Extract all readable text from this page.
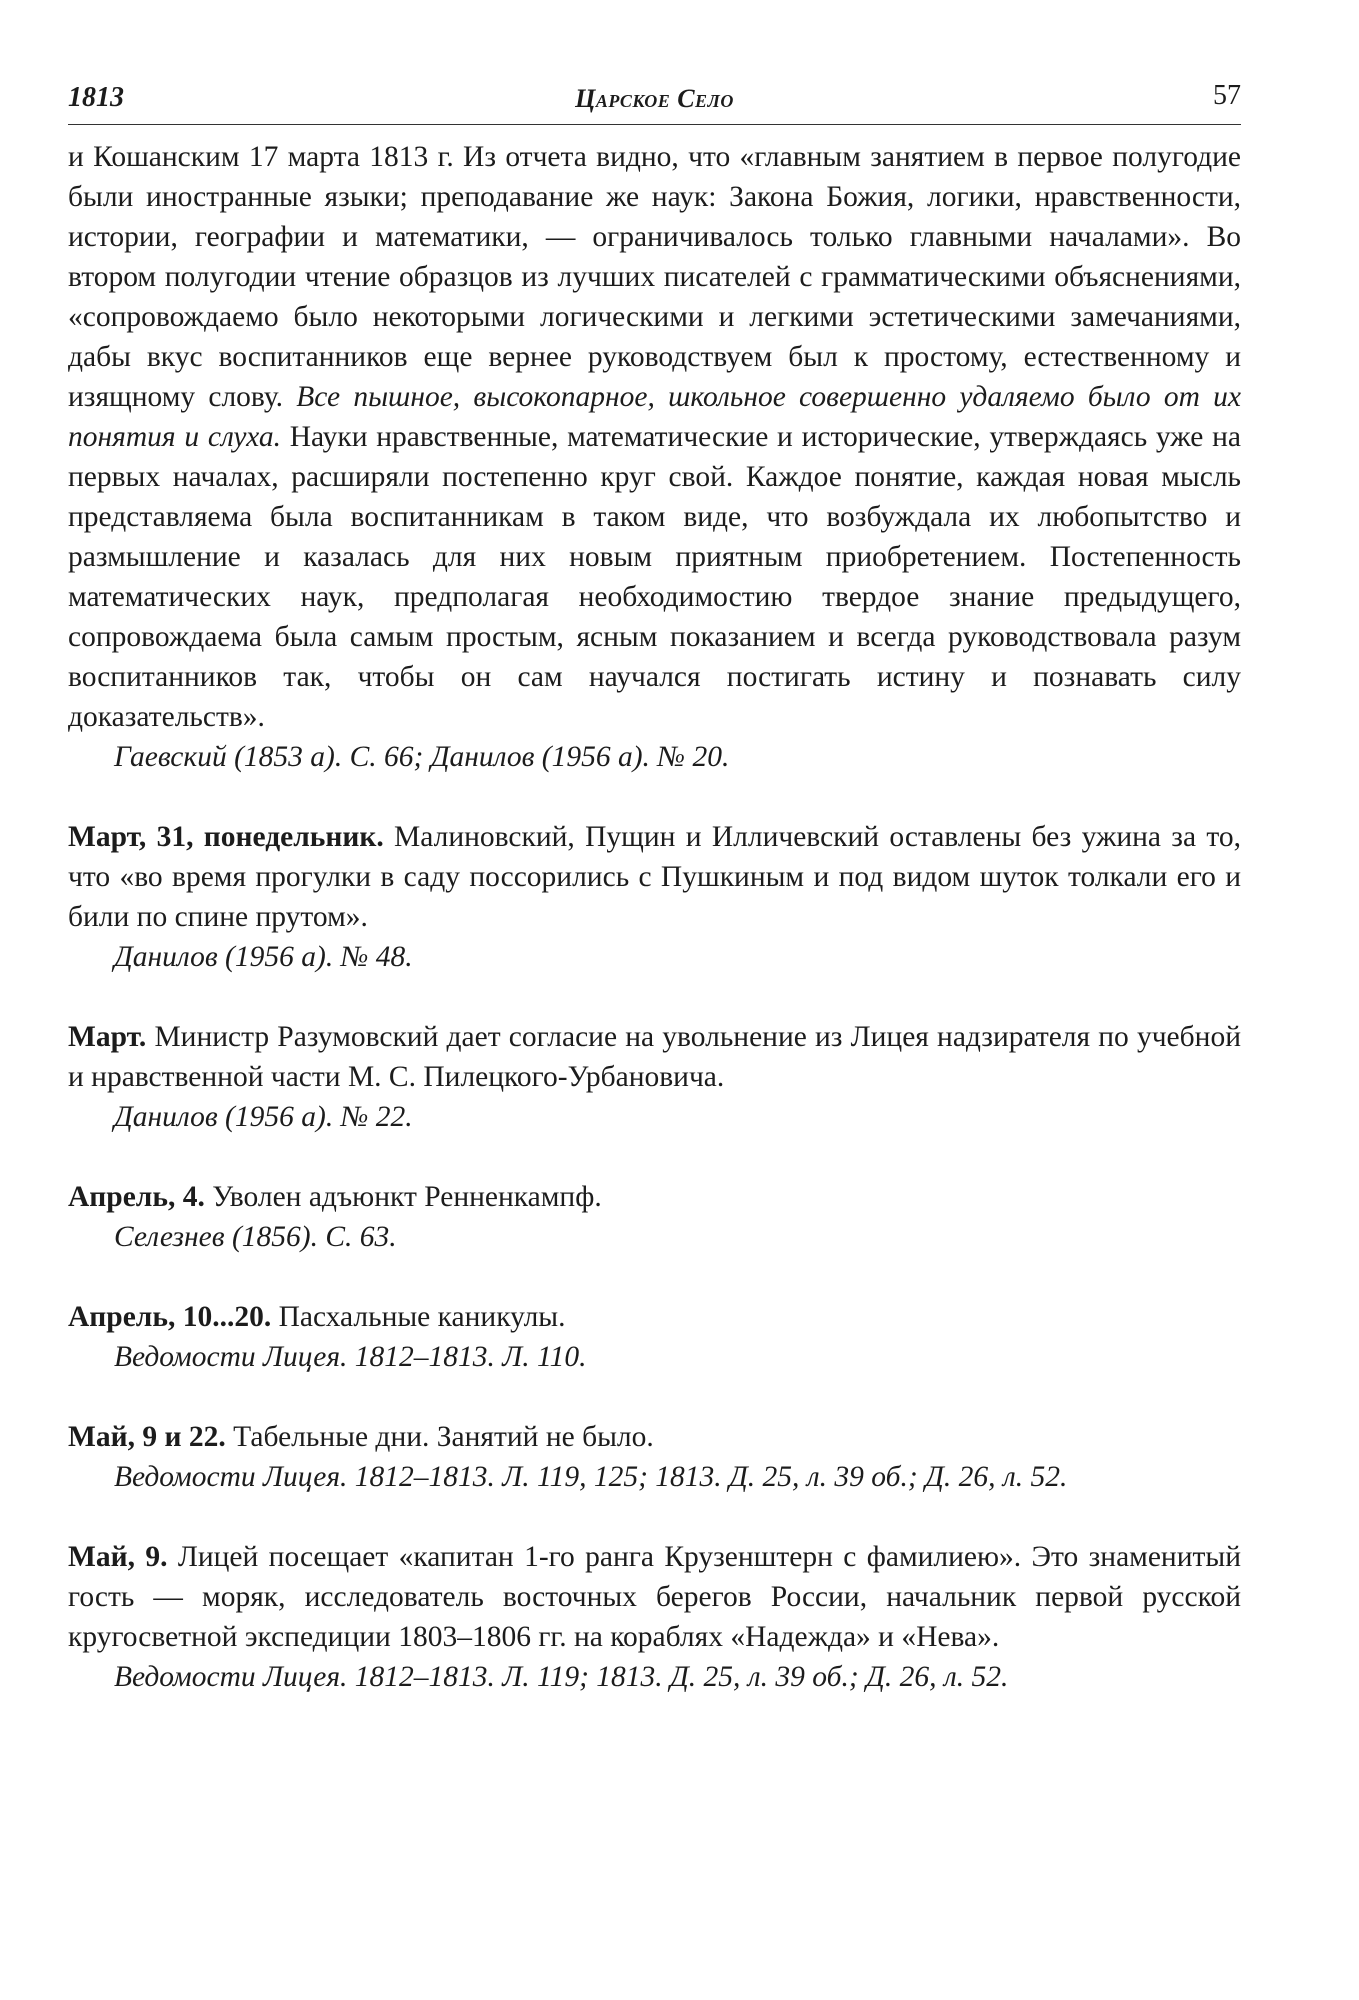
1813	Царское Село	57

и Кошанским 17 марта 1813 г. Из отчета видно, что «главным занятием в первое полугодие были иностранные языки; преподавание же наук: Закона Божия, логики, нравственности, истории, географии и математики, — ограничивалось только главными началами». Во втором полугодии чтение образцов из лучших писателей с грамматическими объяснениями, «сопровождаемо было некоторыми логическими и легкими эстетическими замечаниями, дабы вкус воспитанников еще вернее руководствуем был к простому, естественному и изящному слову. Все пышное, высокопарное, школьное совершенно удаляемо было от их понятия и слуха. Науки нравственные, математические и исторические, утверждаясь уже на первых началах, расширяли постепенно круг свой. Каждое понятие, каждая новая мысль представляема была воспитанникам в таком виде, что возбуждала их любопытство и размышление и казалась для них новым приятным приобретением. Постепенность математических наук, предполагая необходимостию твердое знание предыдущего, сопровождаема была самым простым, ясным показанием и всегда руководствовала разум воспитанников так, чтобы он сам научался постигать истину и познавать силу доказательств».

Гаевский (1853 а). С. 66; Данилов (1956 а). № 20.

Март, 31, понедельник. Малиновский, Пущин и Илличевский оставлены без ужина за то, что «во время прогулки в саду поссорились с Пушкиным и под видом шуток толкали его и били по спине прутом».

Данилов (1956 а). № 48.

Март. Министр Разумовский дает согласие на увольнение из Лицея надзирателя по учебной и нравственной части М. С. Пилецкого-Урбановича.

Данилов (1956 а). № 22.

Апрель, 4. Уволен адъюнкт Ренненкампф.

Селезнев (1856). С. 63.

Апрель, 10...20. Пасхальные каникулы.

Ведомости Лицея. 1812–1813. Л. 110.

Май, 9 и 22. Табельные дни. Занятий не было.

Ведомости Лицея. 1812–1813. Л. 119, 125; 1813. Д. 25, л. 39 об.; Д. 26, л. 52.

Май, 9. Лицей посещает «капитан 1-го ранга Крузенштерн с фамилиею». Это знаменитый гость — моряк, исследователь восточных берегов России, начальник первой русской кругосветной экспедиции 1803–1806 гг. на кораблях «Надежда» и «Нева».

Ведомости Лицея. 1812–1813. Л. 119; 1813. Д. 25, л. 39 об.; Д. 26, л. 52.
